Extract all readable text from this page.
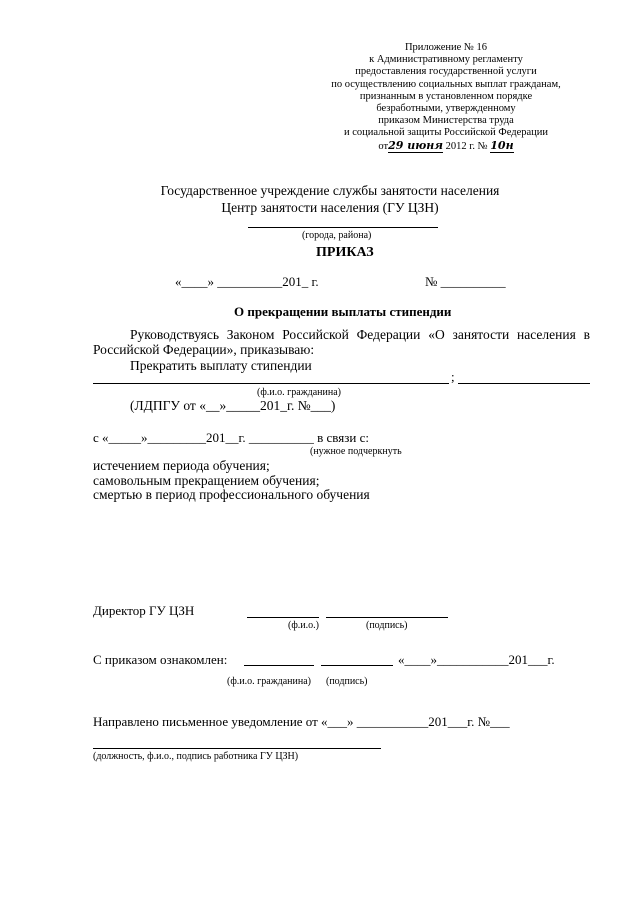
Приложение № 16
к Административному регламенту
предоставления государственной услуги
по осуществлению социальных выплат гражданам,
признанным в установленном порядке
безработными, утвержденному
приказом Министерства труда
и социальной защиты Российской Федерации
от29 июня 2012 г. № 10н
Государственное учреждение службы занятости населения
Центр занятости населения (ГУ ЦЗН)
(города, района)
ПРИКАЗ
«____» __________201_ г.	№ __________
О прекращении выплаты стипендии
Руководствуясь Законом Российской Федерации «О занятости населения в
Российской Федерации», приказываю:
Прекратить выплату стипендии
;
(ф.и.о. гражданина)
(ЛДПГУ от «__»_____201_г. №___)
с «_____»_________201__г. __________ в связи с:
(нужное подчеркнуть
истечением периода обучения;
самовольным прекращением обучения;
смертью в период профессионального обучения
Директор ГУ ЦЗН
(ф.и.о.)	(подпись)
С приказом ознакомлен:	«____»___________201___г.
(ф.и.о. гражданина) (подпись)
Направлено письменное уведомление от «___» ___________201___г. №___
(должность, ф.и.о., подпись работника ГУ ЦЗН)
